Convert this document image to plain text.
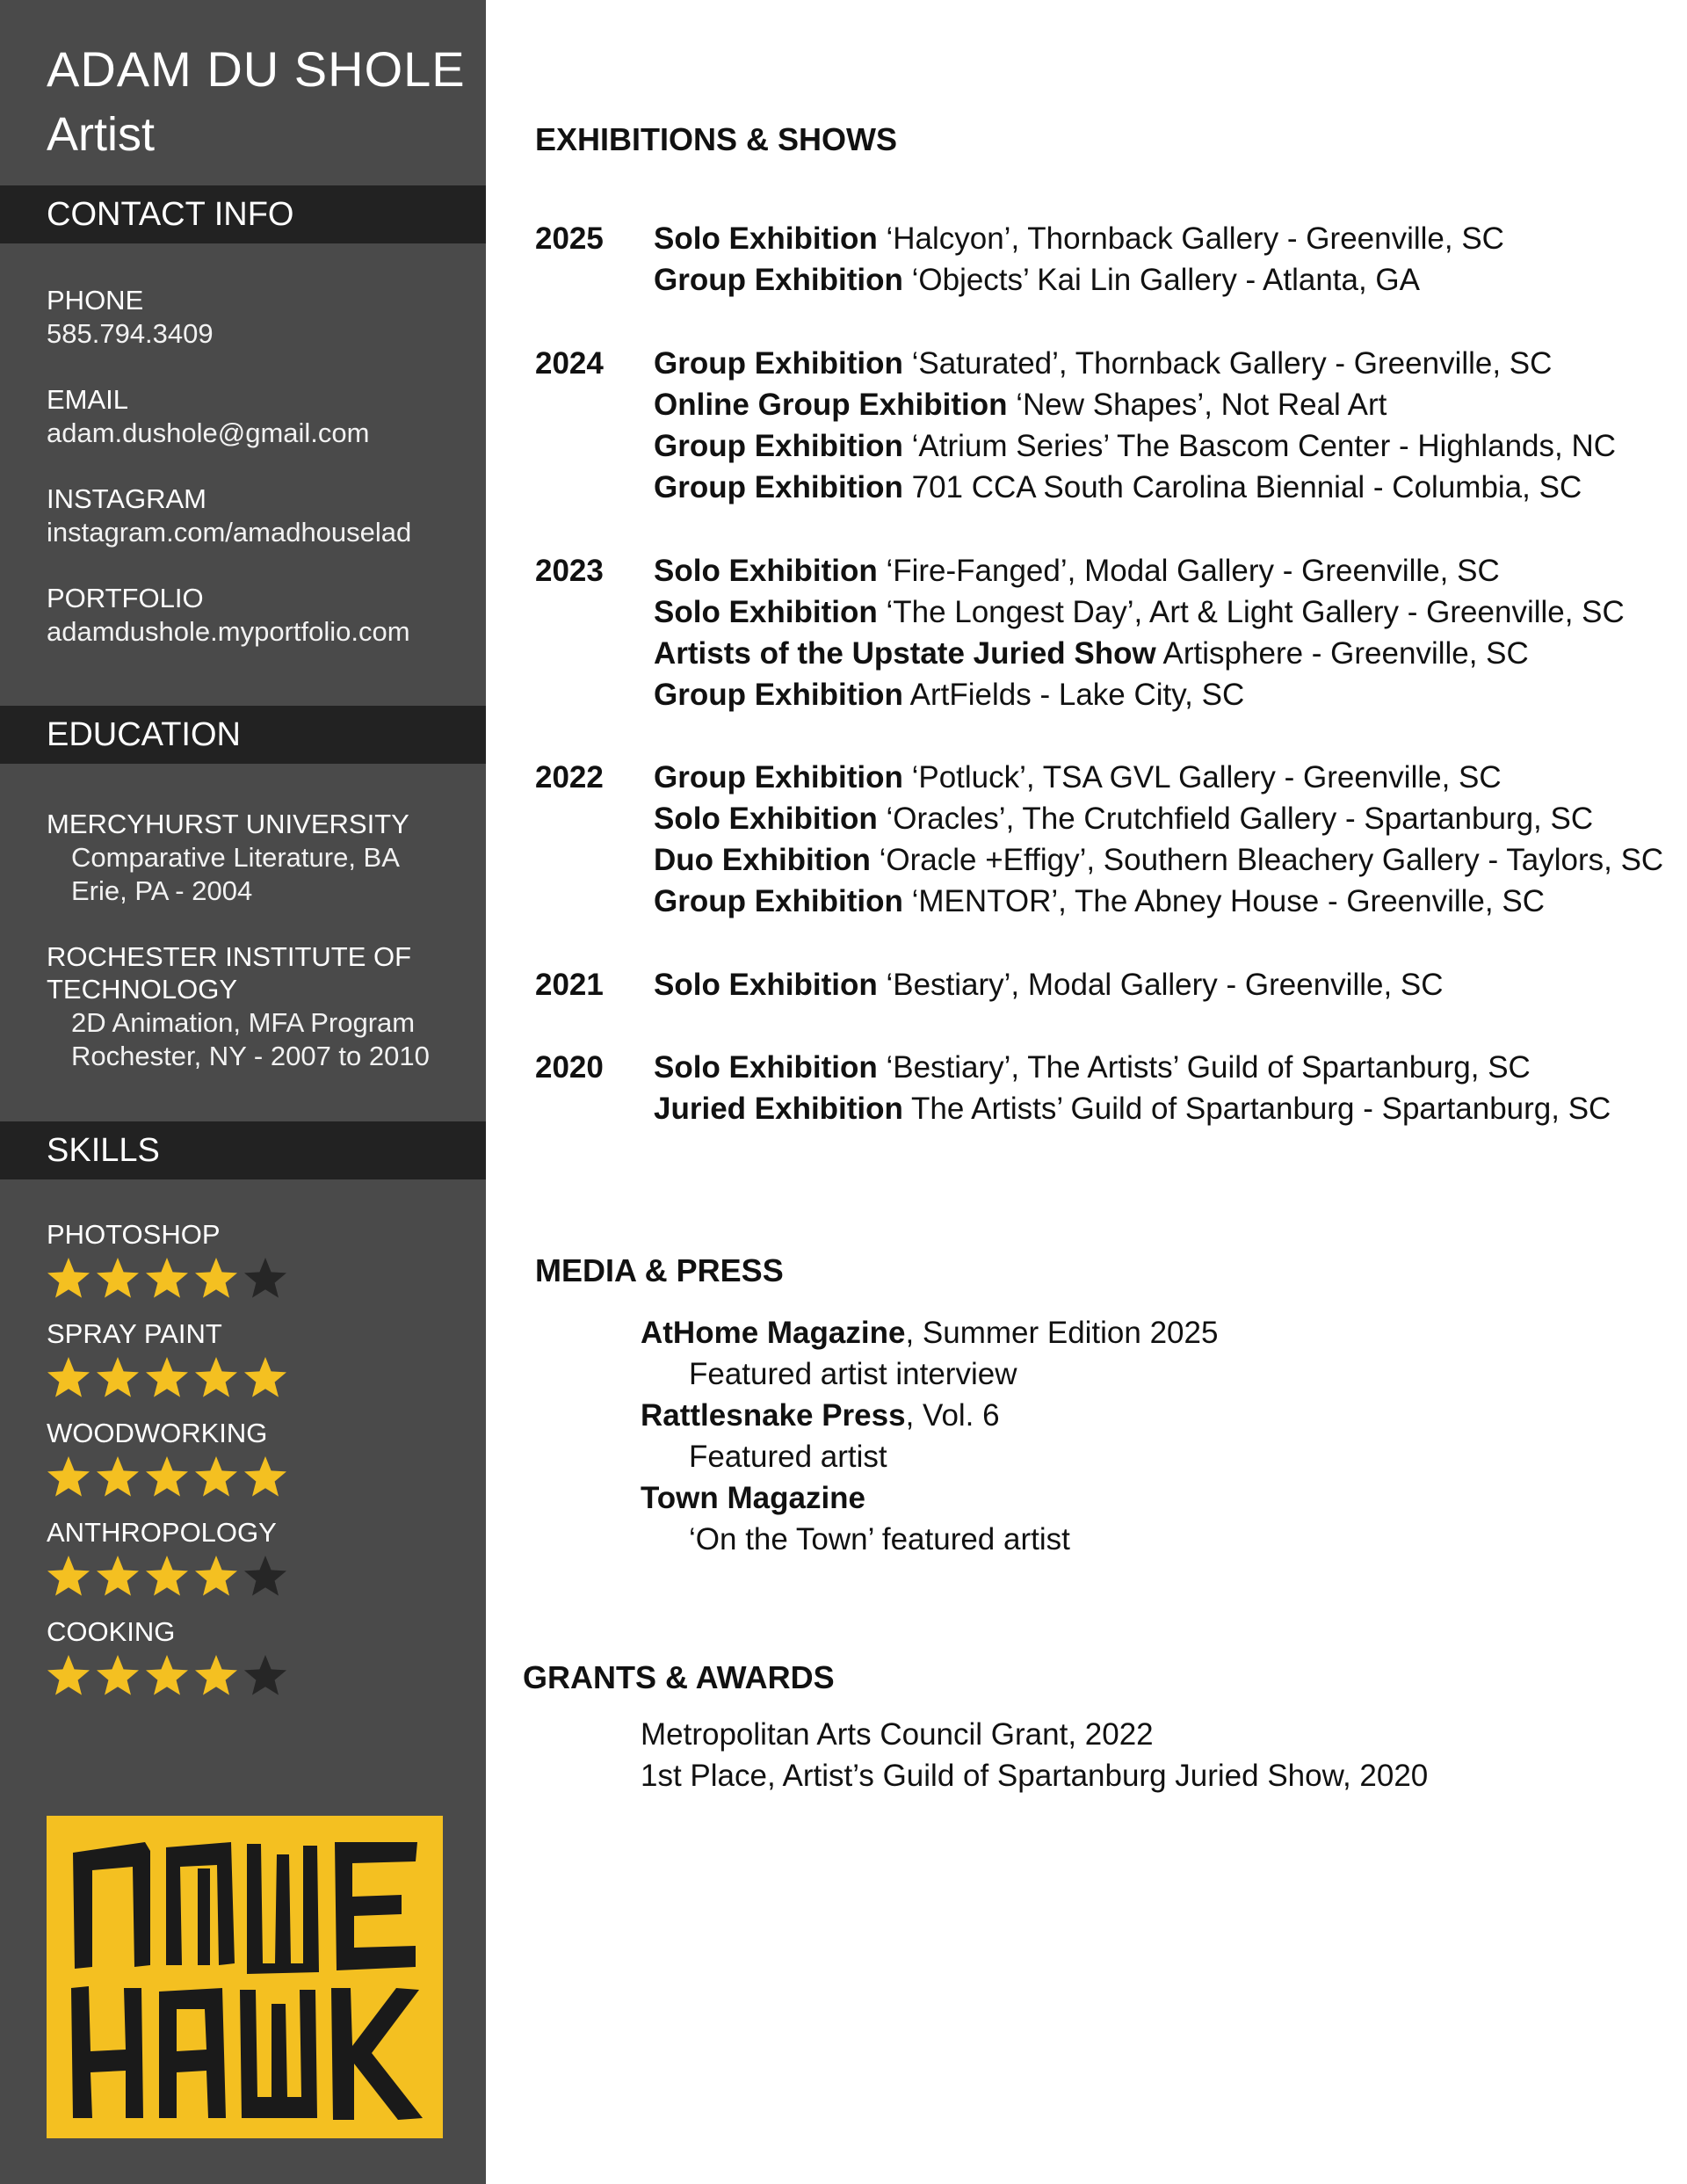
ADAM DU SHOLE
Artist
CONTACT INFO
PHONE
585.794.3409
EMAIL
adam.dushole@gmail.com
INSTAGRAM
instagram.com/amadhouselad
PORTFOLIO
adamdushole.myportfolio.com
EDUCATION
MERCYHURST UNIVERSITY
Comparative Literature, BA
Erie, PA - 2004
ROCHESTER INSTITUTE OF
TECHNOLOGY
2D Animation, MFA Program
Rochester, NY - 2007 to 2010
SKILLS
PHOTOSHOP
SPRAY PAINT
WOODWORKING
ANTHROPOLOGY
COOKING
EXHIBITIONS & SHOWS
2025 Solo Exhibition ‘Halcyon’, Thornback Gallery - Greenville, SC
Group Exhibition ‘Objects’ Kai Lin Gallery - Atlanta, GA
2024 Group Exhibition ‘Saturated’, Thornback Gallery - Greenville, SC
Online Group Exhibition ‘New Shapes’, Not Real Art
Group Exhibition ‘Atrium Series’ The Bascom Center - Highlands, NC
Group Exhibition 701 CCA South Carolina Biennial - Columbia, SC
2023 Solo Exhibition ‘Fire-Fanged’, Modal Gallery - Greenville, SC
Solo Exhibition ‘The Longest Day’, Art & Light Gallery - Greenville, SC
Artists of the Upstate Juried Show Artisphere - Greenville, SC
Group Exhibition ArtFields - Lake City, SC
2022 Group Exhibition ‘Potluck’, TSA GVL Gallery - Greenville, SC
Solo Exhibition ‘Oracles’, The Crutchfield Gallery - Spartanburg, SC
Duo Exhibition ‘Oracle +Effigy’, Southern Bleachery Gallery - Taylors, SC
Group Exhibition ‘MENTOR’, The Abney House - Greenville, SC
2021 Solo Exhibition ‘Bestiary’, Modal Gallery - Greenville, SC
2020 Solo Exhibition ‘Bestiary’, The Artists’ Guild of Spartanburg, SC
Juried Exhibition The Artists’ Guild of Spartanburg - Spartanburg, SC
MEDIA & PRESS
AtHome Magazine, Summer Edition 2025
Featured artist interview
Rattlesnake Press, Vol. 6
Featured artist
Town Magazine
‘On the Town’ featured artist
GRANTS & AWARDS
Metropolitan Arts Council Grant, 2022
1st Place, Artist’s Guild of Spartanburg Juried Show, 2020
